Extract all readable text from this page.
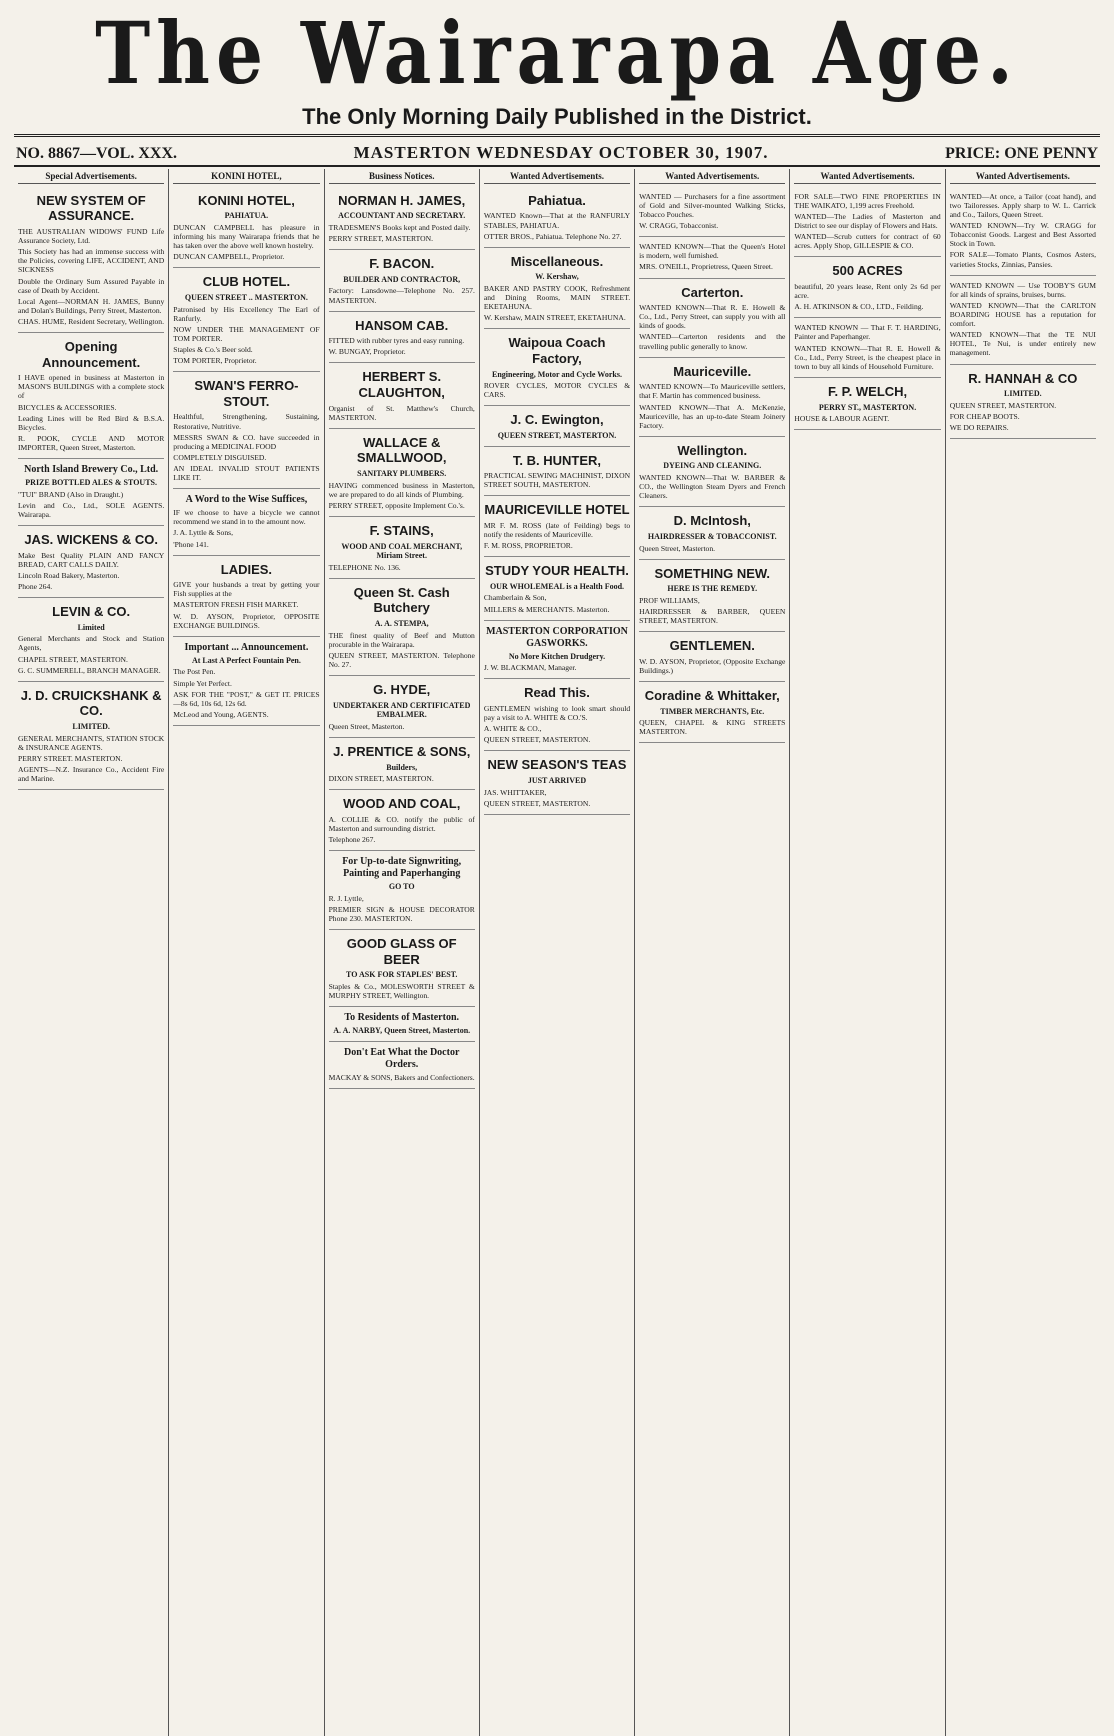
The Wairarapa Age.
The Only Morning Daily Published in the District.
NO. 8867—VOL. XXX.	MASTERTON WEDNESDAY OCTOBER 30, 1907.	PRICE: ONE PENNY
Special Advertisements.
NEW SYSTEM OF ASSURANCE.

THE AUSTRALIAN WIDOWS' FUND Life Assurance Society, Ltd.

This Society has had an immense success with the Policies, covering LIFE, ACCIDENT, AND SICKNESS

Double the Ordinary Sum Assured Payable in case of Death by Accident.

Local Agent—NORMAN H. JAMES, Bunny and Dolan's Buildings, Perry Street, Masterton.

CHAS. HUME, Resident Secretary, Wellington.

Opening Announcement.

I HAVE opened in business at Masterton in MASON'S BUILDINGS with a complete stock of

BICYCLES & ACCESSORIES.

Leading Lines will be Red Bird & B.S.A. Bicycles.

R. POOK, CYCLE AND MOTOR IMPORTER, Queen Street, Masterton.

North Island Brewery Co., Ltd.

PRIZE BOTTLED ALES & STOUTS.

"TUI" BRAND (Also in Draught.)

Levin and Co., Ltd., SOLE AGENTS. Wairarapa.

JAS. WICKENS & CO.

Make Best Quality PLAIN AND FANCY BREAD, CART CALLS DAILY.

Lincoln Road Bakery, Masterton.

Phone 264.

LEVIN & CO.

Limited

General Merchants and Stock and Station Agents,

CHAPEL STREET, MASTERTON.

G. C. SUMMERELL, BRANCH MANAGER.

J. D. CRUICKSHANK & CO.

LIMITED.

GENERAL MERCHANTS, STATION STOCK & INSURANCE AGENTS.

PERRY STREET. MASTERTON.

AGENTS—N.Z. Insurance Co., Accident Fire and Marine.

KONINI HOTEL,
KONINI HOTEL,

PAHIATUA.

DUNCAN CAMPBELL has pleasure in informing his many Wairarapa friends that he has taken over the above well known hostelry.

DUNCAN CAMPBELL, Proprietor.

CLUB HOTEL.

QUEEN STREET .. MASTERTON.

Patronised by His Excellency The Earl of Ranfurly.

NOW UNDER THE MANAGEMENT OF TOM PORTER.

Staples & Co.'s Beer sold.

TOM PORTER, Proprietor.

SWAN'S FERRO-STOUT.

Healthful, Strengthening, Sustaining, Restorative, Nutritive.

MESSRS SWAN & CO. have succeeded in producing a MEDICINAL FOOD

COMPLETELY DISGUISED.

AN IDEAL INVALID STOUT PATIENTS LIKE IT.

A Word to the Wise Suffices,

IF we choose to have a bicycle we cannot recommend we stand in to the amount now.

J. A. Lyttle & Sons,

'Phone 141.

LADIES.

GIVE your husbands a treat by getting your Fish supplies at the

MASTERTON FRESH FISH MARKET.

W. D. AYSON, Proprietor, OPPOSITE EXCHANGE BUILDINGS.

Important ... Announcement.

At Last A Perfect Fountain Pen.

The Post Pen.

Simple Yet Perfect.

ASK FOR THE "POST," & GET IT. PRICES—8s 6d, 10s 6d, 12s 6d.

McLeod and Young, AGENTS.

Business Notices.
NORMAN H. JAMES,

ACCOUNTANT AND SECRETARY.

TRADESMEN'S Books kept and Posted daily.

PERRY STREET, MASTERTON.

F. BACON.

BUILDER AND CONTRACTOR,

Factory: Lansdowne—Telephone No. 257. MASTERTON.

HANSOM CAB.

FITTED with rubber tyres and easy running.

W. BUNGAY, Proprietor.

HERBERT S. CLAUGHTON,

Organist of St. Matthew's Church, MASTERTON.

WALLACE & SMALLWOOD,

SANITARY PLUMBERS.

HAVING commenced business in Masterton, we are prepared to do all kinds of Plumbing.

PERRY STREET, opposite Implement Co.'s.

F. STAINS,

WOOD AND COAL MERCHANT, Miriam Street.

TELEPHONE No. 136.

Queen St. Cash Butchery

A. A. STEMPA,

THE finest quality of Beef and Mutton procurable in the Wairarapa.

QUEEN STREET, MASTERTON. Telephone No. 27.

G. HYDE,

UNDERTAKER AND CERTIFICATED EMBALMER.

Queen Street, Masterton.

J. PRENTICE & SONS,

Builders,

DIXON STREET, MASTERTON.

WOOD AND COAL,

A. COLLIE & CO. notify the public of Masterton and surrounding district.

Telephone 267.

For Up-to-date Signwriting, Painting and Paperhanging

GO TO

R. J. Lyttle,

PREMIER SIGN & HOUSE DECORATOR Phone 230. MASTERTON.

GOOD GLASS OF BEER

TO ASK FOR STAPLES' BEST.

Staples & Co., MOLESWORTH STREET & MURPHY STREET, Wellington.

To Residents of Masterton.

A. A. NARBY, Queen Street, Masterton.

Don't Eat What the Doctor Orders.

MACKAY & SONS, Bakers and Confectioners.

Wanted Advertisements.
Pahiatua.

WANTED Known—That at the RANFURLY STABLES, PAHIATUA.

OTTER BROS., Pahiatua. Telephone No. 27.

Miscellaneous.

W. Kershaw,

BAKER AND PASTRY COOK, Refreshment and Dining Rooms, MAIN STREET. EKETAHUNA.

W. Kershaw, MAIN STREET, EKETAHUNA.

Waipoua Coach Factory,

Engineering, Motor and Cycle Works.

ROVER CYCLES, MOTOR CYCLES & CARS.

J. C. Ewington,

QUEEN STREET, MASTERTON.

T. B. HUNTER,

PRACTICAL SEWING MACHINIST, DIXON STREET SOUTH, MASTERTON.

MAURICEVILLE HOTEL

MR F. M. ROSS (late of Feilding) begs to notify the residents of Mauriceville.

F. M. ROSS, PROPRIETOR.

STUDY YOUR HEALTH.

OUR WHOLEMEAL is a Health Food.

Chamberlain & Son,

MILLERS & MERCHANTS. Masterton.

MASTERTON CORPORATION GASWORKS.

No More Kitchen Drudgery.

J. W. BLACKMAN, Manager.

Read This.

GENTLEMEN wishing to look smart should pay a visit to A. WHITE & CO.'S.

A. WHITE & CO.,

QUEEN STREET, MASTERTON.

NEW SEASON'S TEAS

JUST ARRIVED

JAS. WHITTAKER,

QUEEN STREET, MASTERTON.

Wanted Advertisements.

WANTED — Purchasers for a fine assortment of Gold and Silver-mounted Walking Sticks, Tobacco Pouches.

W. CRAGG, Tobacconist.

WANTED KNOWN—That the Queen's Hotel is modern, well furnished.

MRS. O'NEILL, Proprietress, Queen Street.

Carterton.

WANTED KNOWN—That R. E. Howell & Co., Ltd., Perry Street, can supply you with all kinds of goods.

WANTED—Carterton residents and the travelling public generally to know.

Mauriceville.

WANTED KNOWN—To Mauriceville settlers, that F. Martin has commenced business.

WANTED KNOWN—That A. McKenzie, Mauriceville, has an up-to-date Steam Joinery Factory.

Wellington.

DYEING AND CLEANING.

WANTED KNOWN—That W. BARBER & CO., the Wellington Steam Dyers and French Cleaners.

D. McIntosh,

HAIRDRESSER & TOBACCONIST.

Queen Street, Masterton.

SOMETHING NEW.

HERE IS THE REMEDY.

PROF WILLIAMS,

HAIRDRESSER & BARBER, QUEEN STREET, MASTERTON.

GENTLEMEN.

W. D. AYSON, Proprietor, (Opposite Exchange Buildings.)

Coradine & Whittaker,

TIMBER MERCHANTS, Etc.

QUEEN, CHAPEL & KING STREETS MASTERTON.

Wanted Advertisements.

FOR SALE—TWO FINE PROPERTIES IN THE WAIKATO, 1,199 acres Freehold.

WANTED—The Ladies of Masterton and District to see our display of Flowers and Hats.

WANTED—Scrub cutters for contract of 60 acres. Apply Shop, GILLESPIE & CO.

500 ACRES

beautiful, 20 years lease, Rent only 2s 6d per acre.

A. H. ATKINSON & CO., LTD., Feilding.

WANTED KNOWN — That F. T. HARDING, Painter and Paperhanger.

WANTED KNOWN—That R. E. Howell & Co., Ltd., Perry Street, is the cheapest place in town to buy all kinds of Household Furniture.

F. P. WELCH,

PERRY ST., MASTERTON.

HOUSE & LABOUR AGENT.

Wanted Advertisements.

WANTED—At once, a Tailor (coat hand), and two Tailoresses. Apply sharp to W. L. Carrick and Co., Tailors, Queen Street.

WANTED KNOWN—Try W. CRAGG for Tobacconist Goods. Largest and Best Assorted Stock in Town.

FOR SALE—Tomato Plants, Cosmos Asters, varieties Stocks, Zinnias, Pansies.

WANTED KNOWN — Use TOOBY'S GUM for all kinds of sprains, bruises, burns.

WANTED KNOWN—That the CARLTON BOARDING HOUSE has a reputation for comfort.

WANTED KNOWN—That the TE NUI HOTEL, Te Nui, is under entirely new management.

R. HANNAH & CO

LIMITED.

QUEEN STREET, MASTERTON.

FOR CHEAP BOOTS.

WE DO REPAIRS.
